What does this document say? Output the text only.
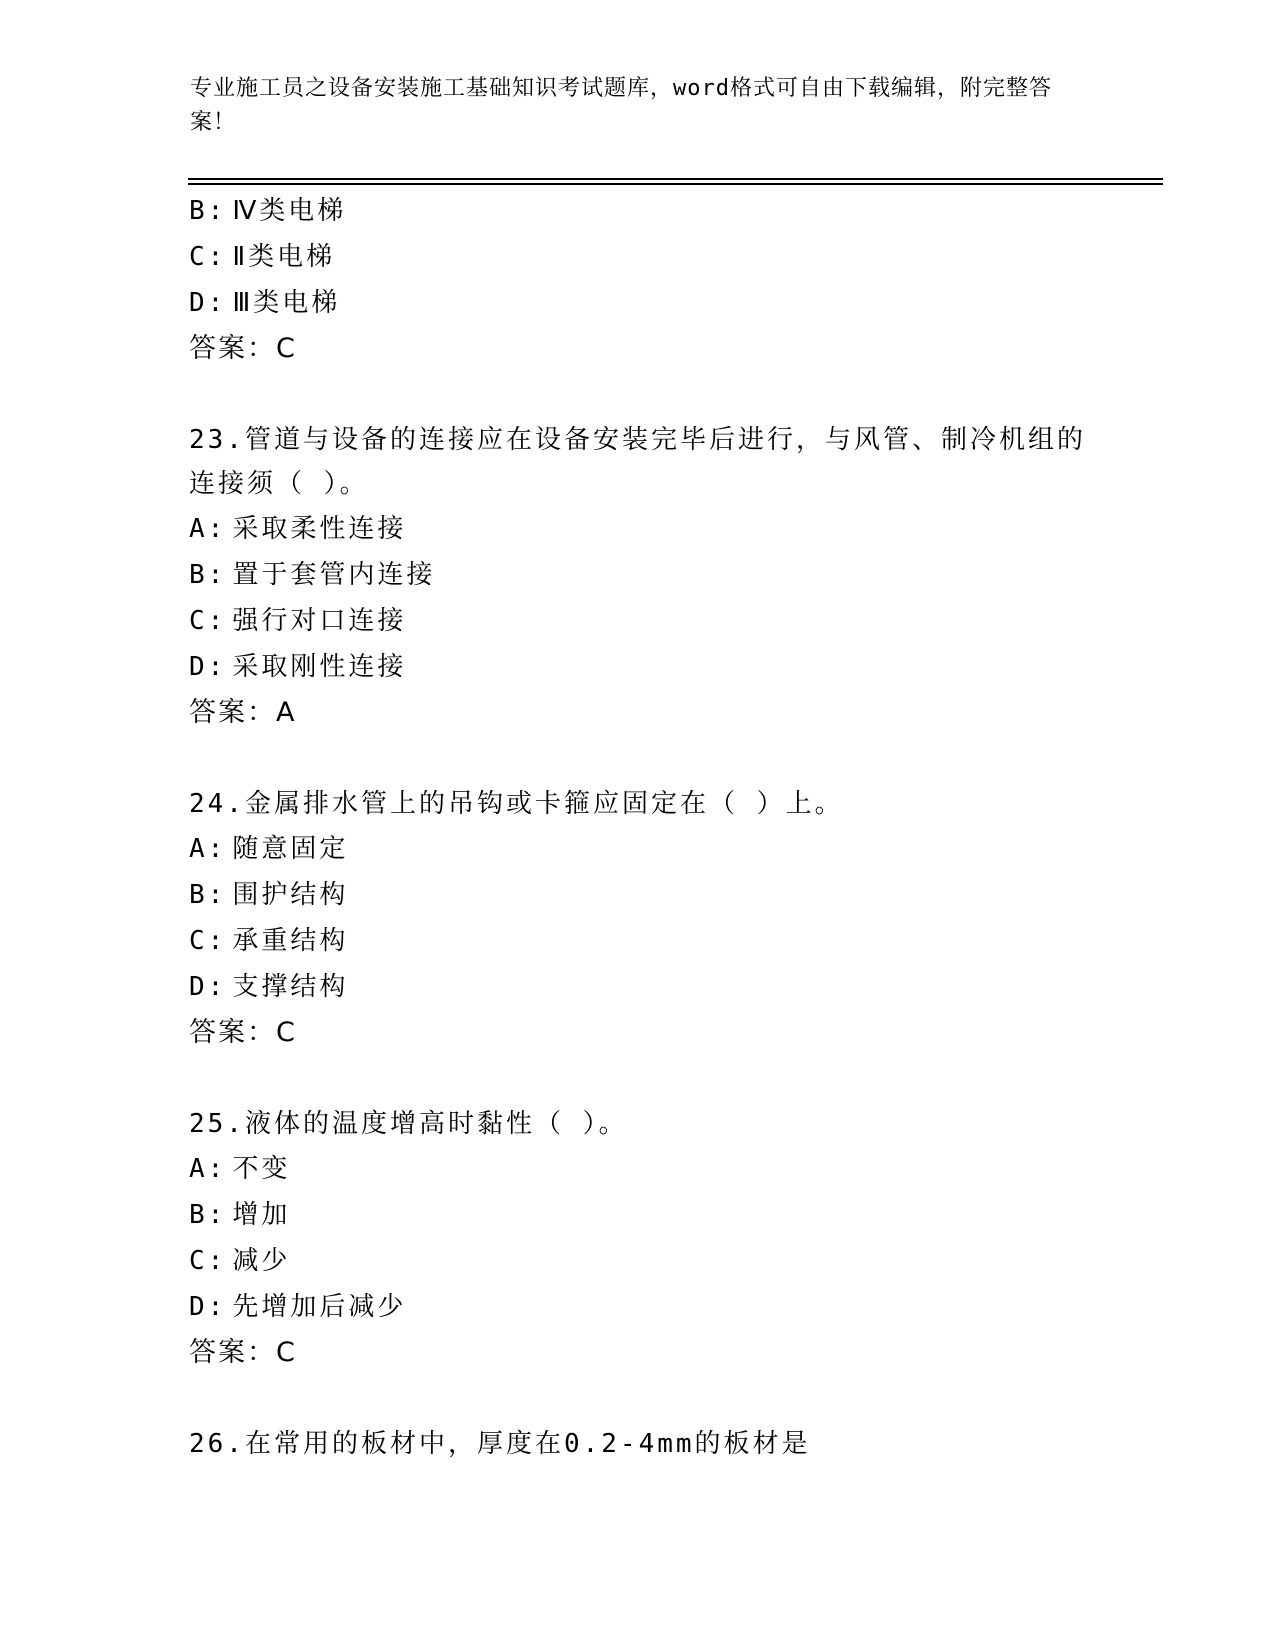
专业施工员之设备安装施工基础知识考试题库，word格式可自由下载编辑，附完整答案！
B: Ⅳ类电梯
C: Ⅱ类电梯
D: Ⅲ类电梯
答案：C
23.管道与设备的连接应在设备安装完毕后进行，与风管、制冷机组的连接须（ ）。
A: 采取柔性连接
B: 置于套管内连接
C: 强行对口连接
D: 采取刚性连接
答案：A
24.金属排水管上的吊钩或卡箍应固定在（ ）上。
A: 随意固定
B: 围护结构
C: 承重结构
D: 支撑结构
答案：C
25.液体的温度增高时黏性（ ）。
A: 不变
B: 增加
C: 减少
D: 先增加后减少
答案：C
26.在常用的板材中，厚度在0.2-4mm的板材是
